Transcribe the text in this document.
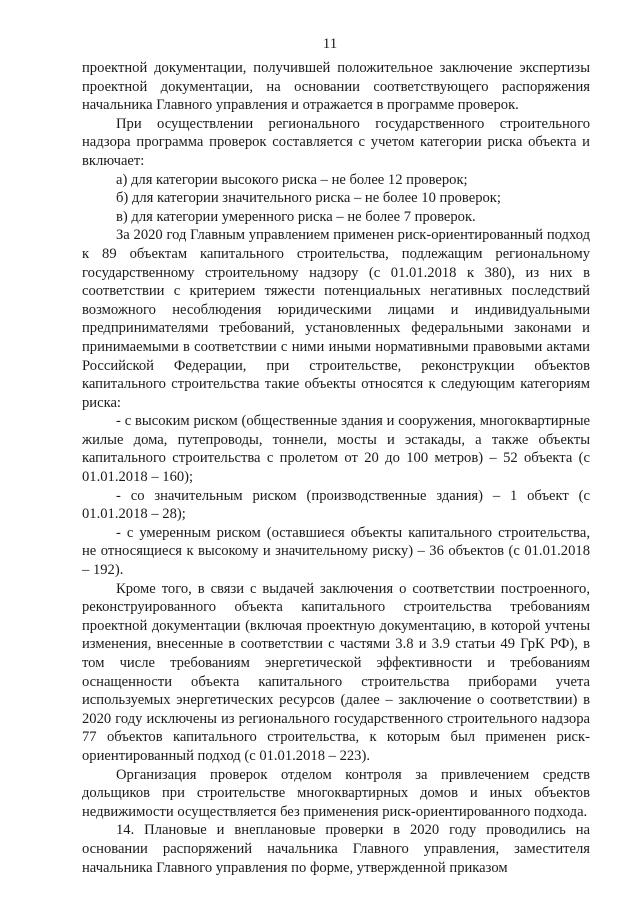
11

проектной документации, получившей положительное заключение экспертизы проектной документации, на основании соответствующего распоряжения начальника Главного управления и отражается в программе проверок.

При осуществлении регионального государственного строительного надзора программа проверок составляется с учетом категории риска объекта и включает:

а) для категории высокого риска – не более 12 проверок;

б) для категории значительного риска – не более 10 проверок;

в) для категории умеренного риска – не более 7 проверок.

За 2020 год Главным управлением применен риск-ориентированный подход к 89 объектам капитального строительства, подлежащим региональному государственному строительному надзору (с 01.01.2018 к 380), из них в соответствии с критерием тяжести потенциальных негативных последствий возможного несоблюдения юридическими лицами и индивидуальными предпринимателями требований, установленных федеральными законами и принимаемыми в соответствии с ними иными нормативными правовыми актами Российской Федерации, при строительстве, реконструкции объектов капитального строительства такие объекты относятся к следующим категориям риска:

- с высоким риском (общественные здания и сооружения, многоквартирные жилые дома, путепроводы, тоннели, мосты и эстакады, а также объекты капитального строительства с пролетом от 20 до 100 метров) – 52 объекта (с 01.01.2018 – 160);

- со значительным риском (производственные здания) – 1 объект (с 01.01.2018 – 28);

- с умеренным риском (оставшиеся объекты капитального строительства, не относящиеся к высокому и значительному риску) – 36 объектов (с 01.01.2018 – 192).

Кроме того, в связи с выдачей заключения о соответствии построенного, реконструированного объекта капитального строительства требованиям проектной документации (включая проектную документацию, в которой учтены изменения, внесенные в соответствии с частями 3.8 и 3.9 статьи 49 ГрК РФ), в том числе требованиям энергетической эффективности и требованиям оснащенности объекта капитального строительства приборами учета используемых энергетических ресурсов (далее – заключение о соответствии) в 2020 году исключены из регионального государственного строительного надзора 77 объектов капитального строительства, к которым был применен риск-ориентированный подход (с 01.01.2018 – 223).

Организация проверок отделом контроля за привлечением средств дольщиков при строительстве многоквартирных домов и иных объектов недвижимости осуществляется без применения риск-ориентированного подхода.

14. Плановые и внеплановые проверки в 2020 году проводились на основании распоряжений начальника Главного управления, заместителя начальника Главного управления по форме, утвержденной приказом
